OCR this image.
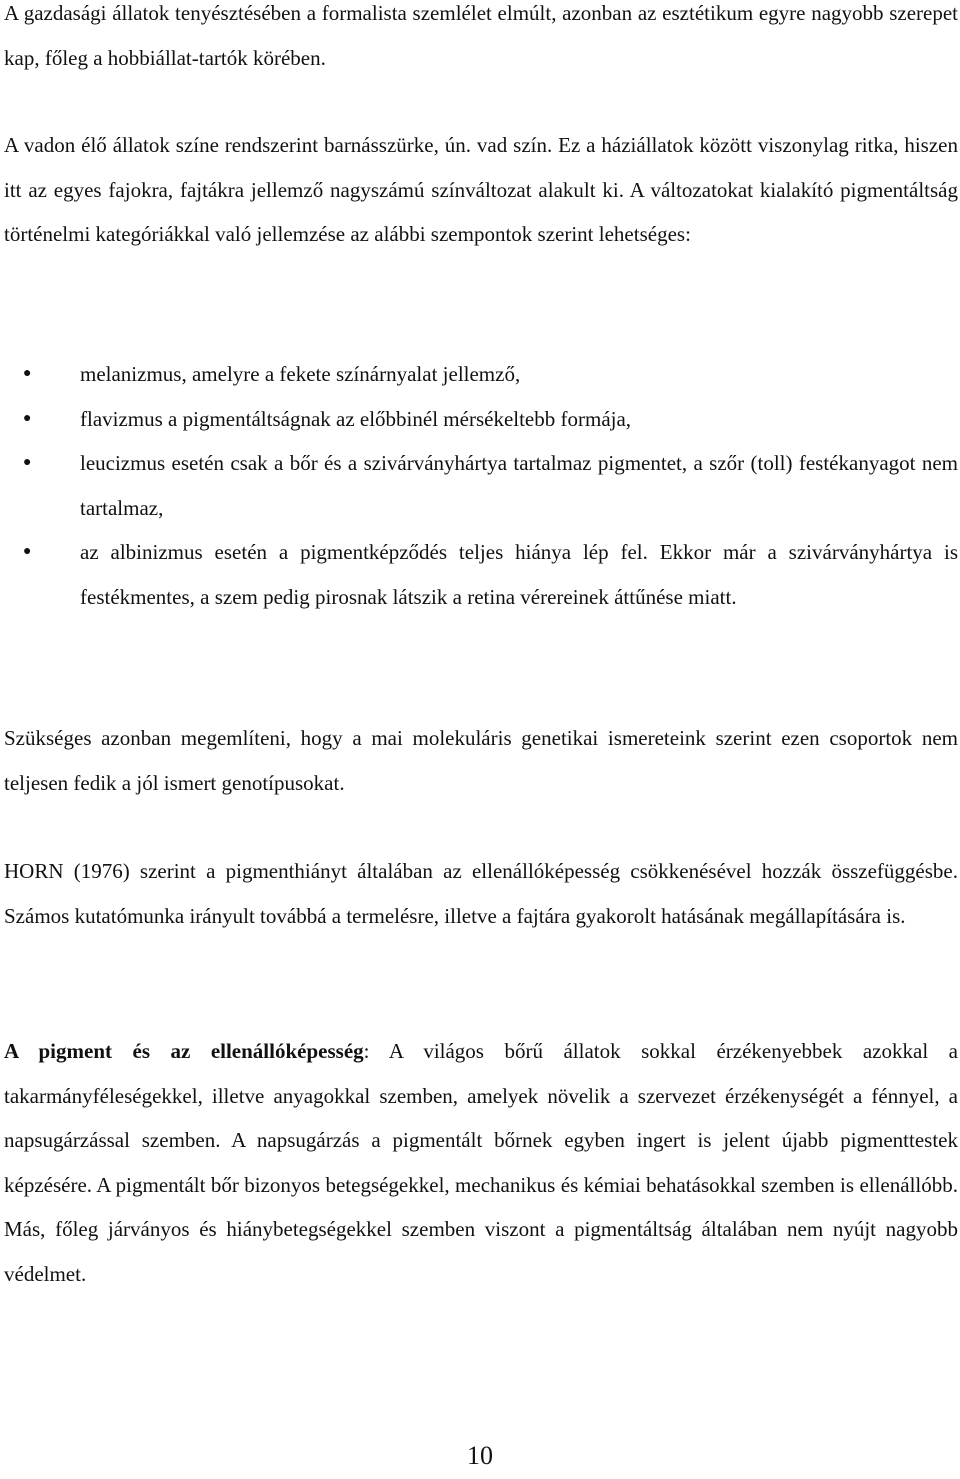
A gazdasági állatok tenyésztésében a formalista szemlélet elmúlt, azonban az esztétikum egyre nagyobb szerepet kap, főleg a hobbiállat-tartók körében.

A vadon élő állatok színe rendszerint barnásszürke, ún. vad szín. Ez a háziállatok között viszonylag ritka, hiszen itt az egyes fajokra, fajtákra jellemző nagyszámú színváltozat alakult ki. A változatokat kialakító pigmentáltság történelmi kategóriákkal való jellemzése az alábbi szempontok szerint lehetséges:

● melanizmus, amelyre a fekete színárnyalat jellemző,
● flavizmus a pigmentáltságnak az előbbinél mérsékeltebb formája,
● leucizmus esetén csak a bőr és a szivárványhártya tartalmaz pigmentet, a szőr (toll) festékanyagot nem tartalmaz,
● az albinizmus esetén a pigmentképződés teljes hiánya lép fel. Ekkor már a szivárványhártya is festékmentes, a szem pedig pirosnak látszik a retina vérereinek áttűnése miatt.

Szükséges azonban megemlíteni, hogy a mai molekuláris genetikai ismereteink szerint ezen csoportok nem teljesen fedik a jól ismert genotípusokat.

HORN (1976) szerint a pigmenthiányt általában az ellenállóképesség csökkenésével hozzák összefüggésbe. Számos kutatómunka irányult továbbá a termelésre, illetve a fajtára gyakorolt hatásának megállapítására is.

A pigment és az ellenállóképesség: A világos bőrű állatok sokkal érzékenyebbek azokkal a takarmányféleségekkel, illetve anyagokkal szemben, amelyek növelik a szervezet érzékenységét a fénnyel, a napsugárzással szemben. A napsugárzás a pigmentált bőrnek egyben ingert is jelent újabb pigmenttestek képzésére. A pigmentált bőr bizonyos betegségekkel, mechanikus és kémiai behatásokkal szemben is ellenállóbb. Más, főleg járványos és hiánybetegségekkel szemben viszont a pigmentáltság általában nem nyújt nagyobb védelmet.

10
